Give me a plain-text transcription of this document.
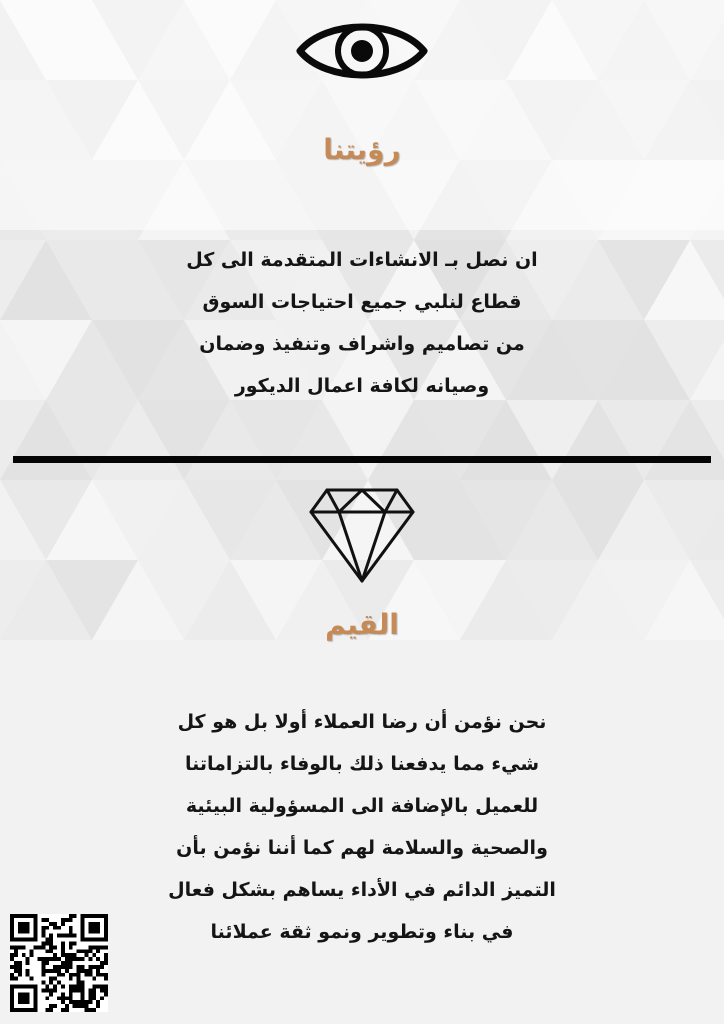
رؤيتنا
ان نصل بـ الانشاءات المتقدمة الى كل
قطاع لنلبي جميع احتياجات السوق
من تصاميم واشراف وتنفيذ وضمان
وصيانه لكافة اعمال الديكور
القيم
نحن نؤمن أن رضا العملاء أولا بل هو كل
شيء مما يدفعنا ذلك بالوفاء بالتزاماتنا
للعميل بالإضافة الى المسؤولية البيئية
والصحية والسلامة لهم كما أننا نؤمن بأن
التميز الدائم في الأداء يساهم بشكل فعال
في بناء وتطوير ونمو ثقة عملائنا
